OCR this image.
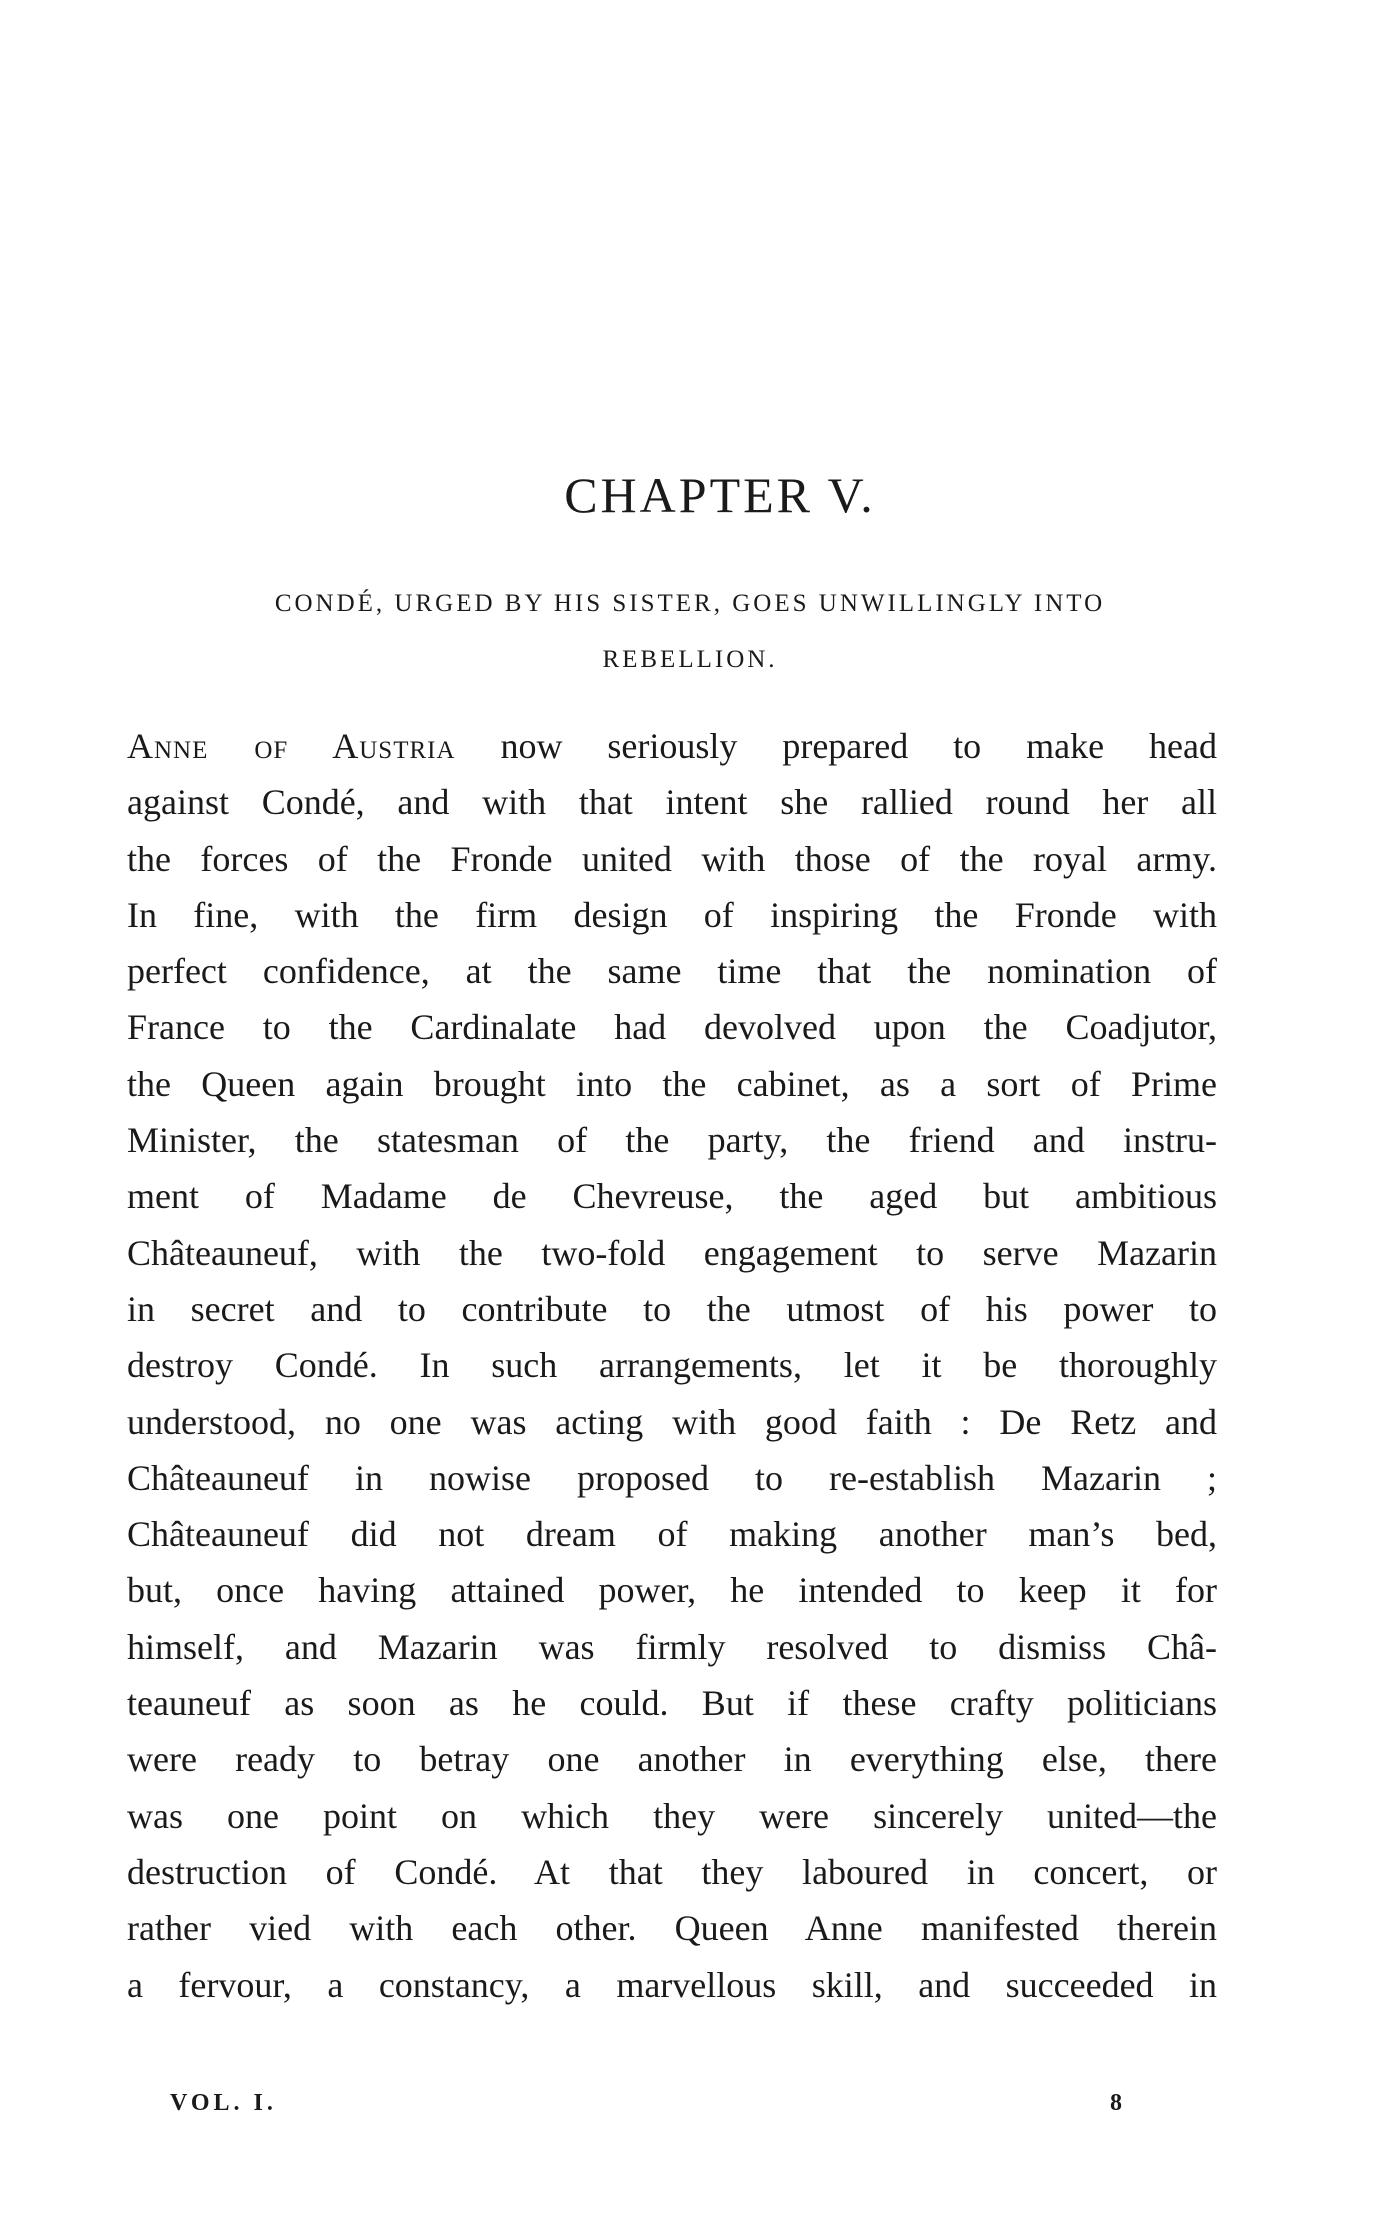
CHAPTER V.
CONDÉ, URGED BY HIS SISTER, GOES UNWILLINGLY INTO
REBELLION.
Anne of Austria now seriously prepared to make head
against Condé, and with that intent she rallied round her all
the forces of the Fronde united with those of the royal army.
In fine, with the firm design of inspiring the Fronde with
perfect confidence, at the same time that the nomination of
France to the Cardinalate had devolved upon the Coadjutor,
the Queen again brought into the cabinet, as a sort of Prime
Minister, the statesman of the party, the friend and instru-
ment of Madame de Chevreuse, the aged but ambitious
Châteauneuf, with the two-fold engagement to serve Mazarin
in secret and to contribute to the utmost of his power to
destroy Condé. In such arrangements, let it be thoroughly
understood, no one was acting with good faith : De Retz and
Châteauneuf in nowise proposed to re-establish Mazarin ;
Châteauneuf did not dream of making another man’s bed,
but, once having attained power, he intended to keep it for
himself, and Mazarin was firmly resolved to dismiss Châ-
teauneuf as soon as he could. But if these crafty politicians
were ready to betray one another in everything else, there
was one point on which they were sincerely united—the
destruction of Condé. At that they laboured in concert, or
rather vied with each other. Queen Anne manifested therein
a fervour, a constancy, a marvellous skill, and succeeded in
VOL. I.	8
